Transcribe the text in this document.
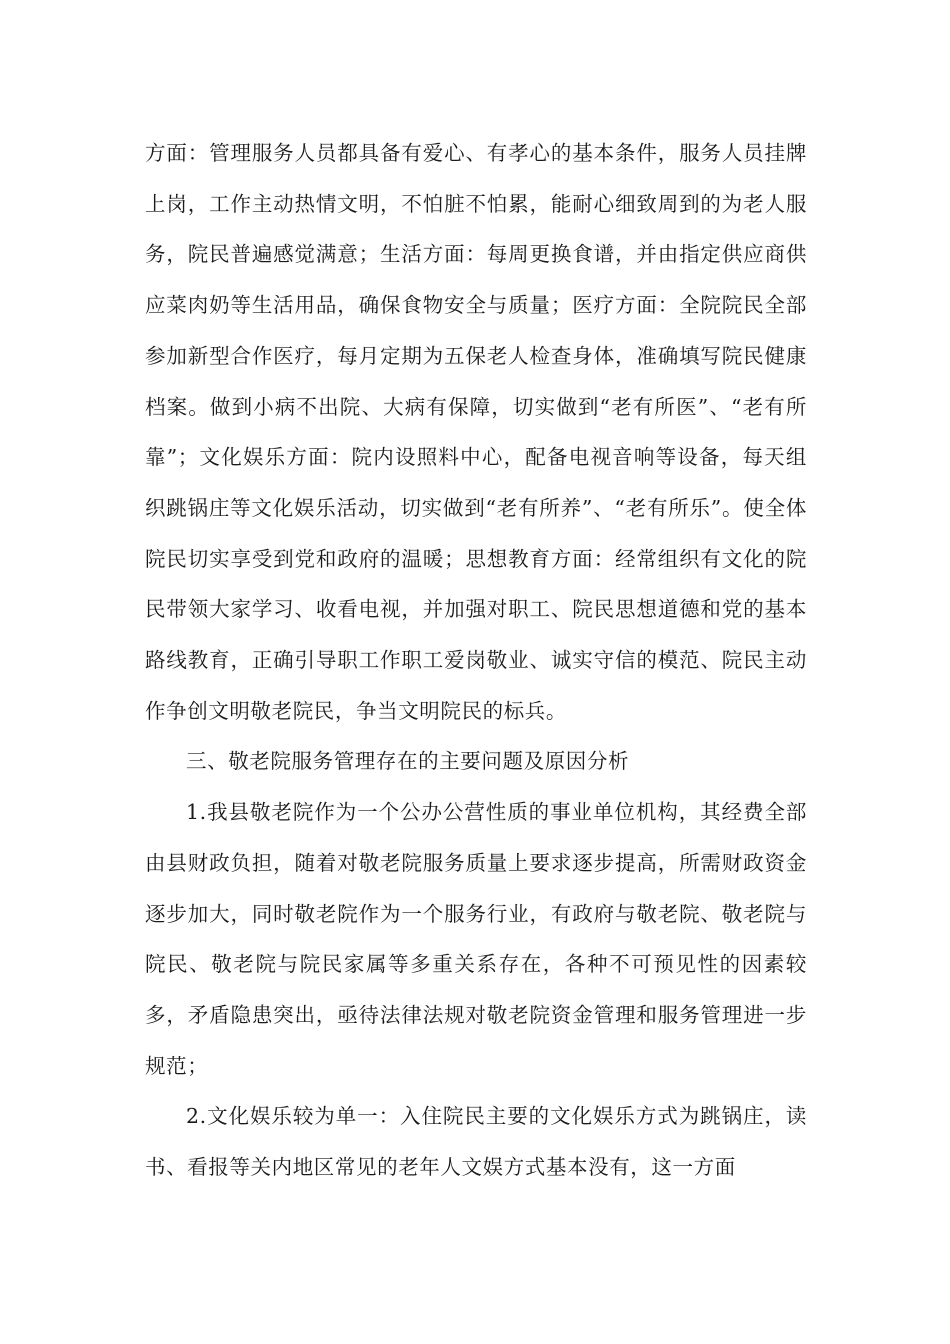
方面：管理服务人员都具备有爱心、有孝心的基本条件，服务人员挂牌上岗，工作主动热情文明，不怕脏不怕累，能耐心细致周到的为老人服务，院民普遍感觉满意；生活方面：每周更换食谱，并由指定供应商供应菜肉奶等生活用品，确保食物安全与质量；医疗方面：全院院民全部参加新型合作医疗，每月定期为五保老人检查身体，准确填写院民健康档案。做到小病不出院、大病有保障，切实做到“老有所医”、“老有所靠”；文化娱乐方面：院内设照料中心，配备电视音响等设备，每天组织跳锅庄等文化娱乐活动，切实做到“老有所养”、“老有所乐”。使全体院民切实享受到党和政府的温暖；思想教育方面：经常组织有文化的院民带领大家学习、收看电视，并加强对职工、院民思想道德和党的基本路线教育，正确引导职工作职工爱岗敬业、诚实守信的模范、院民主动作争创文明敬老院民，争当文明院民的标兵。

三、敬老院服务管理存在的主要问题及原因分析

1.我县敬老院作为一个公办公营性质的事业单位机构，其经费全部由县财政负担，随着对敬老院服务质量上要求逐步提高，所需财政资金逐步加大，同时敬老院作为一个服务行业，有政府与敬老院、敬老院与院民、敬老院与院民家属等多重关系存在，各种不可预见性的因素较多，矛盾隐患突出，亟待法律法规对敬老院资金管理和服务管理进一步规范；

2.文化娱乐较为单一：入住院民主要的文化娱乐方式为跳锅庄，读书、看报等关内地区常见的老年人文娱方式基本没有，这一方面
